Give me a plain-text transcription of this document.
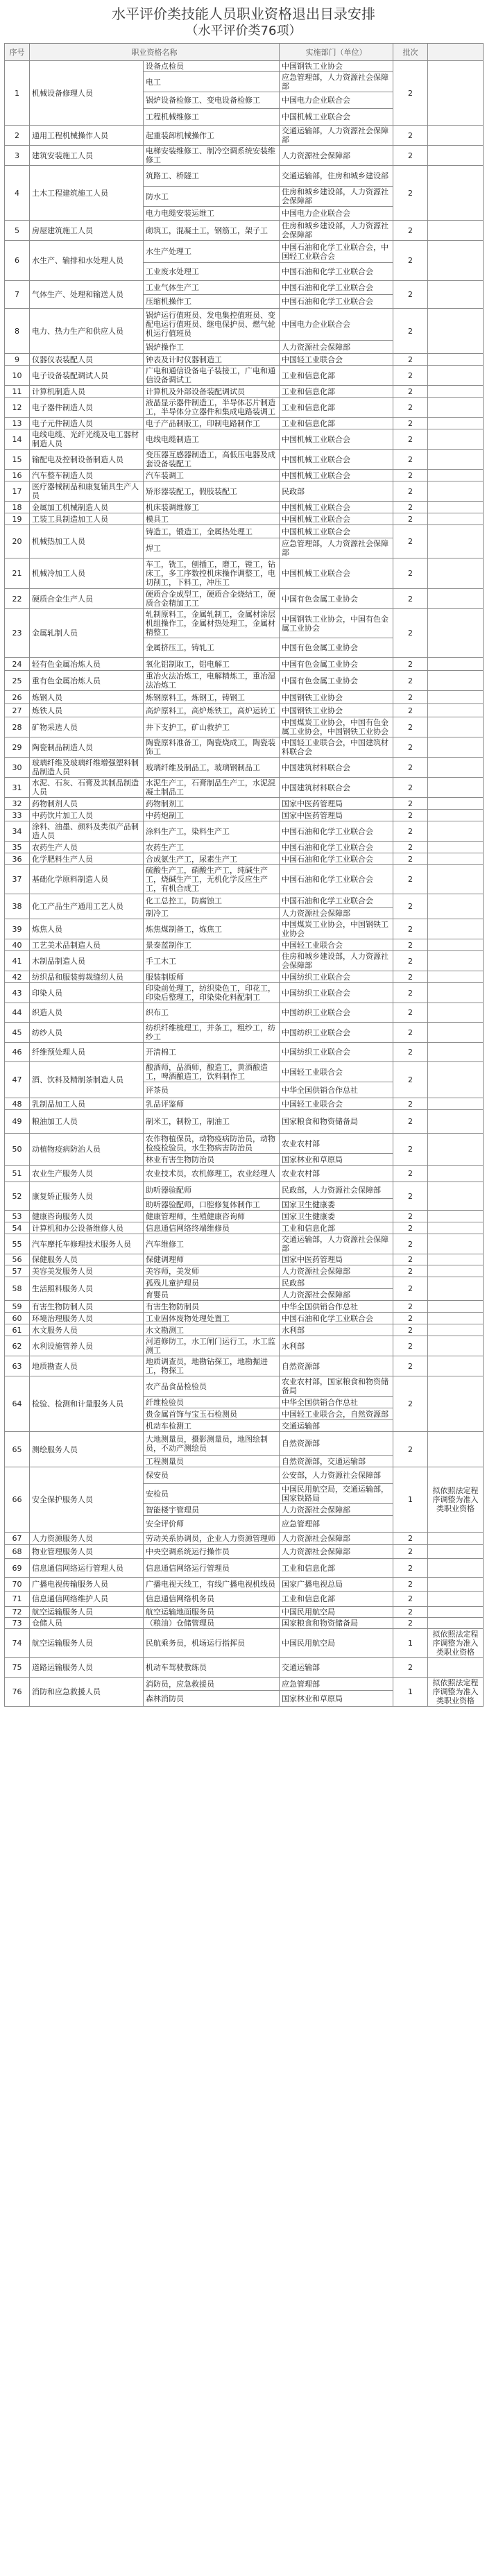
水平评价类技能人员职业资格退出目录安排
（水平评价类76项）
序号	职业资格名称		实施部门（单位）	批次	
1	机械设备修理人员	设备点检员	中国钢铁工业协会	2	
		电工	应急管理部，人力资源社会保障部		
		锅炉设备检修工、变电设备检修工	中国电力企业联合会		
		工程机械维修工	中国机械工业联合会		
2	通用工程机械操作人员	起重装卸机械操作工	交通运输部，人力资源社会保障部	2	
3	建筑安装施工人员	电梯安装维修工、制冷空调系统安装维修工	人力资源社会保障部	2	
4	土木工程建筑施工人员	筑路工、桥隧工	交通运输部，住房和城乡建设部	2	
		防水工	住房和城乡建设部，人力资源社会保障部		
		电力电缆安装运维工	中国电力企业联合会		
5	房屋建筑施工人员	砌筑工，混凝土工，钢筋工，架子工	住房和城乡建设部，人力资源社会保障部	2	
6	水生产、输排和水处理人员	水生产处理工	中国石油和化学工业联合会，中国轻工业联合会	2	
		工业废水处理工	中国石油和化学工业联合会		
7	气体生产、处理和输送人员	工业气体生产工	中国石油和化学工业联合会	2	
		压缩机操作工	中国石油和化学工业联合会		
8	电力、热力生产和供应人员	锅炉运行值班员、发电集控值班员、变配电运行值班员、继电保护员、燃气轮机运行值班员	中国电力企业联合会	2	
		锅炉操作工	人力资源社会保障部		
9	仪器仪表装配人员	钟表及计时仪器制造工	中国轻工业联合会	2	
10	电子设备装配调试人员	广电和通信设备电子装接工，广电和通信设备调试工	工业和信息化部	2	
11	计算机制造人员	计算机及外部设备装配调试员	工业和信息化部	2	
12	电子器件制造人员	液晶显示器件制造工，半导体芯片制造工，半导体分立器件和集成电路装调工	工业和信息化部	2	
13	电子元件制造人员	电子产品制版工，印制电路制作工	工业和信息化部	2	
14	电线电缆、光纤光缆及电工器材制造人员	电线电缆制造工	中国机械工业联合会	2	
15	输配电及控制设备制造人员	变压器互感器制造工，高低压电器及成套设备装配工	中国机械工业联合会	2	
16	汽车整车制造人员	汽车装调工	中国机械工业联合会	2	
17	医疗器械制品和康复辅具生产人员	矫形器装配工，假肢装配工	民政部	2	
18	金属加工机械制造人员	机床装调维修工	中国机械工业联合会	2	
19	工装工具制造加工人员	模具工	中国机械工业联合会	2	
20	机械热加工人员	铸造工，锻造工，金属热处理工	中国机械工业联合会	2	
		焊工	应急管理部，人力资源社会保障部		
21	机械冷加工人员	车工，铣工，刨插工，磨工，镗工，钻床工，多工序数控机床操作调整工，电切削工，下料工，冲压工	中国机械工业联合会	2	
22	硬质合金生产人员	硬质合金成型工，硬质合金烧结工，硬质合金精加工工	中国有色金属工业协会	2	
23	金属轧制人员	轧制原料工，金属轧制工，金属材涂层机组操作工，金属材热处理工，金属材精整工	中国钢铁工业协会，中国有色金属工业协会	2	
		金属挤压工，铸轧工	中国有色金属工业协会		
24	轻有色金属冶炼人员	氧化铝制取工，铝电解工	中国有色金属工业协会	2	
25	重有色金属冶炼人员	重冶火法冶炼工，电解精炼工，重冶湿法冶炼工	中国有色金属工业协会	2	
26	炼钢人员	炼钢原料工，炼钢工，铸钢工	中国钢铁工业协会	2	
27	炼铁人员	高炉原料工，高炉炼铁工，高炉运转工	中国钢铁工业协会	2	
28	矿物采选人员	井下支护工，矿山救护工	中国煤炭工业协会，中国有色金属工业协会，中国钢铁工业协会	2	
29	陶瓷制品制造人员	陶瓷原料准备工，陶瓷烧成工，陶瓷装饰工	中国轻工业联合会，中国建筑材料联合会	2	
30	玻璃纤维及玻璃纤维增强塑料制品制造人员	玻璃纤维及制品工，玻璃钢制品工	中国建筑材料联合会	2	
31	水泥、石灰、石膏及其制品制造人员	水泥生产工，石膏制品生产工，水泥混凝土制品工	中国建筑材料联合会	2	
32	药物制剂人员	药物制剂工	国家中医药管理局	2	
33	中药饮片加工人员	中药炮制工	国家中医药管理局	2	
34	涂料、油墨、颜料及类似产品制造人员	涂料生产工，染料生产工	中国石油和化学工业联合会	2	
35	农药生产人员	农药生产工	中国石油和化学工业联合会	2	
36	化学肥料生产人员	合成氨生产工，尿素生产工	中国石油和化学工业联合会	2	
37	基础化学原料制造人员	硫酸生产工，硝酸生产工，纯碱生产工，烧碱生产工，无机化学反应生产工，有机合成工	中国石油和化学工业联合会	2	
38	化工产品生产通用工艺人员	化工总控工，防腐蚀工	中国石油和化学工业联合会	2	
		制冷工	人力资源社会保障部		
39	炼焦人员	炼焦煤制备工，炼焦工	中国煤炭工业协会，中国钢铁工业协会	2	
40	工艺美术品制造人员	景泰蓝制作工	中国轻工业联合会	2	
41	木制品制造人员	手工木工	住房和城乡建设部，人力资源社会保障部	2	
42	纺织品和服装剪裁缝纫人员	服装制版师	中国纺织工业联合会	2	
43	印染人员	印染前处理工，纺织染色工，印花工，印染后整理工，印染染化料配制工	中国纺织工业联合会	2	
44	织造人员	织布工	中国纺织工业联合会	2	
45	纺纱人员	纺织纤维梳理工，并条工，粗纱工，纺纱工	中国纺织工业联合会	2	
46	纤维预处理人员	开清棉工	中国纺织工业联合会	2	
47	酒、饮料及精制茶制造人员	酿酒师，品酒师，酿造工，黄酒酿造工，啤酒酿造工，饮料制作工	中国轻工业联合会	2	
		评茶员	中华全国供销合作总社		
48	乳制品加工人员	乳品评鉴师	中国轻工业联合会	2	
49	粮油加工人员	制米工，制粉工，制油工	国家粮食和物资储备局	2	
50	动植物疫病防治人员	农作物植保员，动物疫病防治员，动物检疫检验员，水生物病害防治员	农业农村部	2	
		林业有害生物防治员	国家林业和草原局		
51	农业生产服务人员	农业技术员，农机修理工，农业经理人	农业农村部	2	
52	康复矫正服务人员	助听器验配师	民政部，人力资源社会保障部	2	
		助听器验配师，口腔修复体制作工	国家卫生健康委		
53	健康咨询服务人员	健康管理师，生殖健康咨询师	国家卫生健康委	2	
54	计算机和办公设备维修人员	信息通信网络终端维修员	工业和信息化部	2	
55	汽车摩托车修理技术服务人员	汽车维修工	交通运输部，人力资源社会保障部	2	
56	保健服务人员	保健调理师	国家中医药管理局	2	
57	美容美发服务人员	美容师，美发师	人力资源社会保障部	2	
58	生活照料服务人员	孤残儿童护理员	民政部	2	
		育婴员	人力资源社会保障部		
59	有害生物防制人员	有害生物防制员	中华全国供销合作总社	2	
60	环境治理服务人员	工业固体废物处理处置工	中国石油和化学工业联合会	2	
61	水文服务人员	水文勘测工	水利部	2	
62	水利设施管养人员	河道修防工，水工闸门运行工，水工监测工	水利部	2	
63	地质勘查人员	地质调查员，地勘钻探工，地勘掘进工，物探工	自然资源部	2	
64	检验、检测和计量服务人员	农产品食品检验员	农业农村部，国家粮食和物资储备局	2	
		纤维检验员	中华全国供销合作总社		
		贵金属首饰与宝玉石检测员	中国轻工业联合会，自然资源部		
		机动车检测工	交通运输部		
65	测绘服务人员	大地测量员，摄影测量员，地图绘制员，不动产测绘员	自然资源部	2	
		工程测量员	自然资源部，交通运输部		
66	安全保护服务人员	保安员	公安部，人力资源社会保障部	1	拟依照法定程序调整为准入类职业资格
		安检员	中国民用航空局，交通运输部，国家铁路局		
		智能楼宇管理员	人力资源社会保障部		
		安全评价师	应急管理部		
67	人力资源服务人员	劳动关系协调员，企业人力资源管理师	人力资源社会保障部	2	
68	物业管理服务人员	中央空调系统运行操作员	人力资源社会保障部	2	
69	信息通信网络运行管理人员	信息通信网络运行管理员	工业和信息化部	2	
70	广播电视传输服务人员	广播电视天线工，有线广播电视机线员	国家广播电视总局	2	
71	信息通信网络维护人员	信息通信网络机务员	工业和信息化部	2	
72	航空运输服务人员	航空运输地面服务员	中国民用航空局	2	
73	仓储人员	（粮油）仓储管理员	国家粮食和物资储备局	2	
74	航空运输服务人员	民航乘务员，机场运行指挥员	中国民用航空局	1	拟依照法定程序调整为准入类职业资格
75	道路运输服务人员	机动车驾驶教练员	交通运输部	2	
76	消防和应急救援人员	消防员，应急救援员	应急管理部	1	拟依照法定程序调整为准入类职业资格
		森林消防员	国家林业和草原局		
